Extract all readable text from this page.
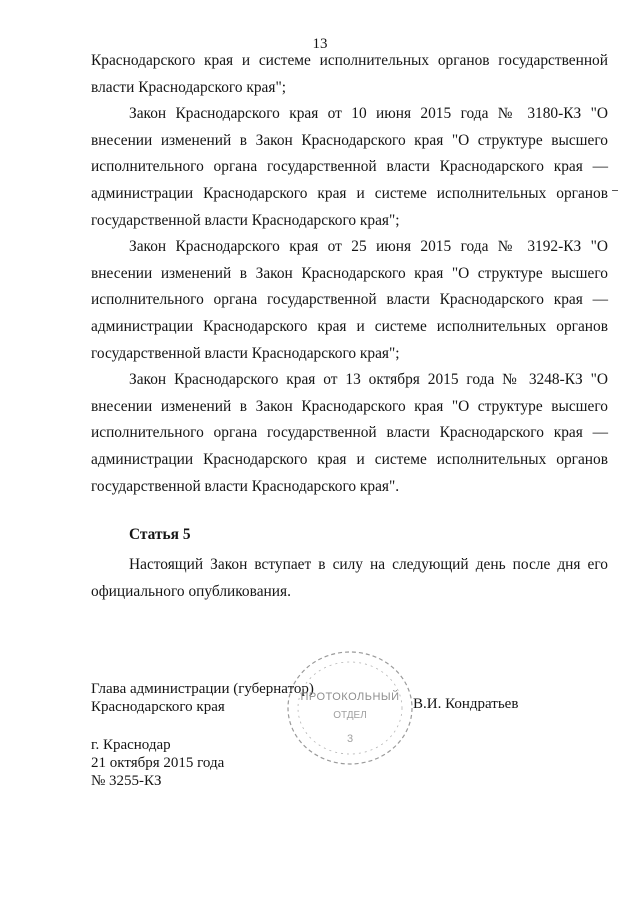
13

Краснодарского края и системе исполнительных органов государственной власти Краснодарского края";

Закон Краснодарского края от 10 июня 2015 года № 3180-КЗ "О внесении изменений в Закон Краснодарского края "О структуре высшего исполнительного органа государственной власти Краснодарского края — администрации Краснодарского края и системе исполнительных органов государственной власти Краснодарского края";

Закон Краснодарского края от 25 июня 2015 года № 3192-КЗ "О внесении изменений в Закон Краснодарского края "О структуре высшего исполнительного органа государственной власти Краснодарского края — администрации Краснодарского края и системе исполнительных органов государственной власти Краснодарского края";

Закон Краснодарского края от 13 октября 2015 года № 3248-КЗ "О внесении изменений в Закон Краснодарского края "О структуре высшего исполнительного органа государственной власти Краснодарского края — администрации Краснодарского края и системе исполнительных органов государственной власти Краснодарского края".

Статья 5

Настоящий Закон вступает в силу на следующий день после дня его официального опубликования.

Глава администрации (губернатор)
Краснодарского края	В.И. Кондратьев
ПРОТОКОЛЬНЫЙ
ОТДЕЛ
3
г. Краснодар
21 октября 2015 года
№ 3255-КЗ
